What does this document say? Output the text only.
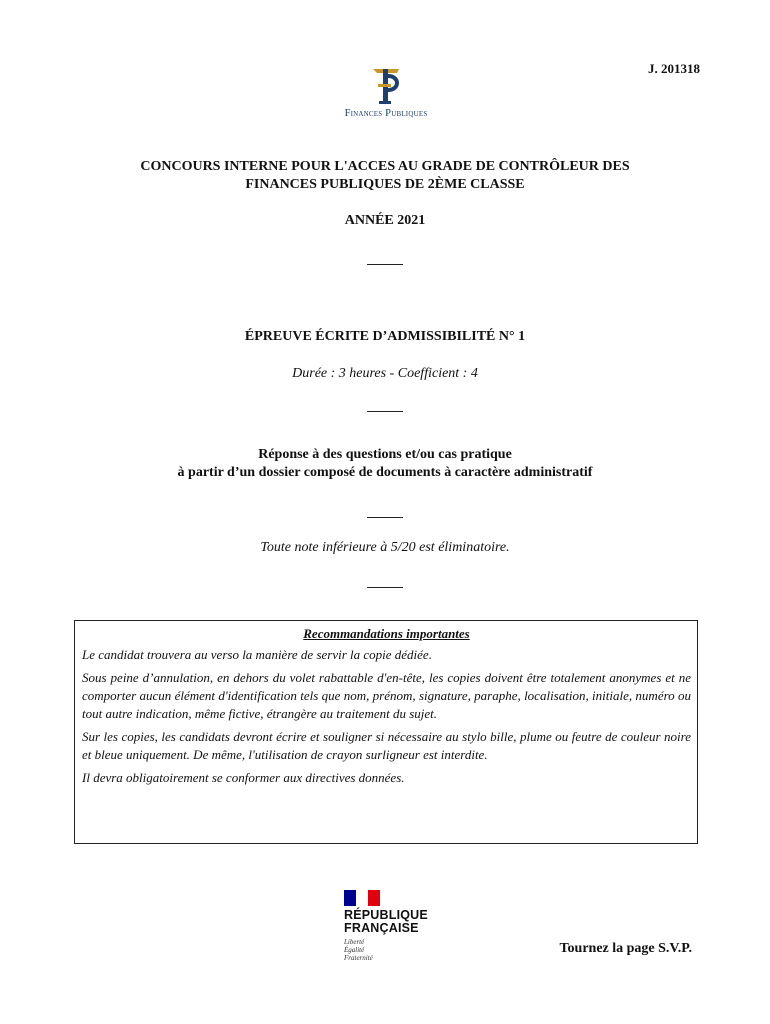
J. 201318
Finances Publiques
CONCOURS INTERNE POUR L'ACCES AU GRADE DE CONTRÔLEUR DES
FINANCES PUBLIQUES DE 2ÈME CLASSE
ANNÉE 2021
ÉPREUVE ÉCRITE D’ADMISSIBILITÉ N° 1
Durée : 3 heures - Coefficient : 4
Réponse à des questions et/ou cas pratique
à partir d’un dossier composé de documents à caractère administratif
Toute note inférieure à 5/20 est éliminatoire.
Recommandations importantes

Le candidat trouvera au verso la manière de servir la copie dédiée.

Sous peine d’annulation, en dehors du volet rabattable d'en-tête, les copies doivent être totalement anonymes et ne comporter aucun élément d'identification tels que nom, prénom, signature, paraphe, localisation, initiale, numéro ou tout autre indication, même fictive, étrangère au traitement du sujet.

Sur les copies, les candidats devront écrire et souligner si nécessaire au stylo bille, plume ou feutre de couleur noire et bleue uniquement. De même, l'utilisation de crayon surligneur est interdite.

Il devra obligatoirement se conformer aux directives données.

RÉPUBLIQUE
FRANÇAISE
Liberté
Égalité
Fraternité
Tournez la page S.V.P.
